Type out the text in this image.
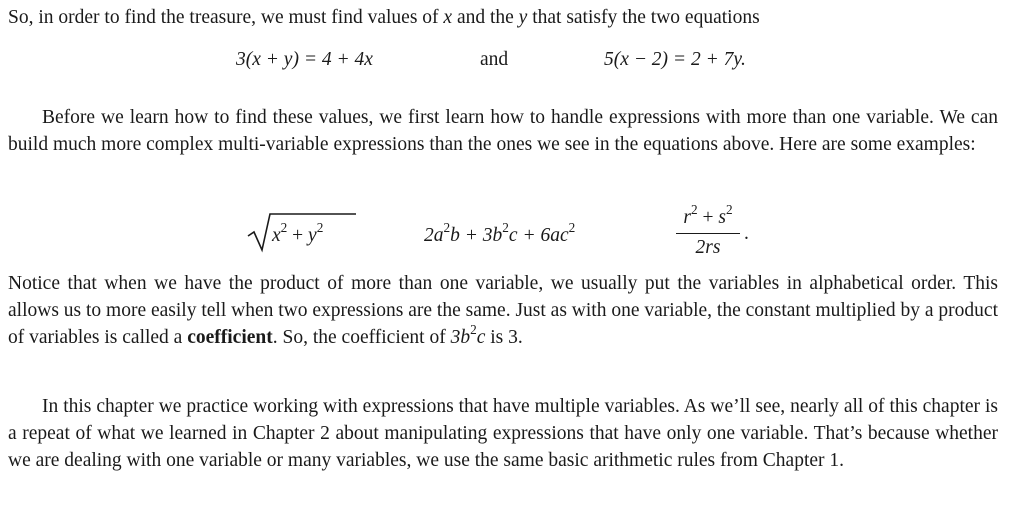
So, in order to find the treasure, we must find values of x and the y that satisfy the two equations

3(x + y) = 4 + 4x	and	5(x − 2) = 2 + 7y.

Before we learn how to find these values, we first learn how to handle expressions with more than one variable. We can build much more complex multi-variable expressions than the ones we see in the equations above. Here are some examples:

$x^2 + y^2$	$2a^2b + 3b^2c + 6ac^2$	$r^2 + s^2$
2rs
.

Notice that when we have the product of more than one variable, we usually put the variables in alphabetical order. This allows us to more easily tell when two expressions are the same. Just as with one variable, the constant multiplied by a product of variables is called a coefficient. So, the coefficient of $3b^2c$ is 3.

In this chapter we practice working with expressions that have multiple variables. As we’ll see, nearly all of this chapter is a repeat of what we learned in Chapter 2 about manipulating expressions that have only one variable. That’s because whether we are dealing with one variable or many variables, we use the same basic arithmetic rules from Chapter 1.
